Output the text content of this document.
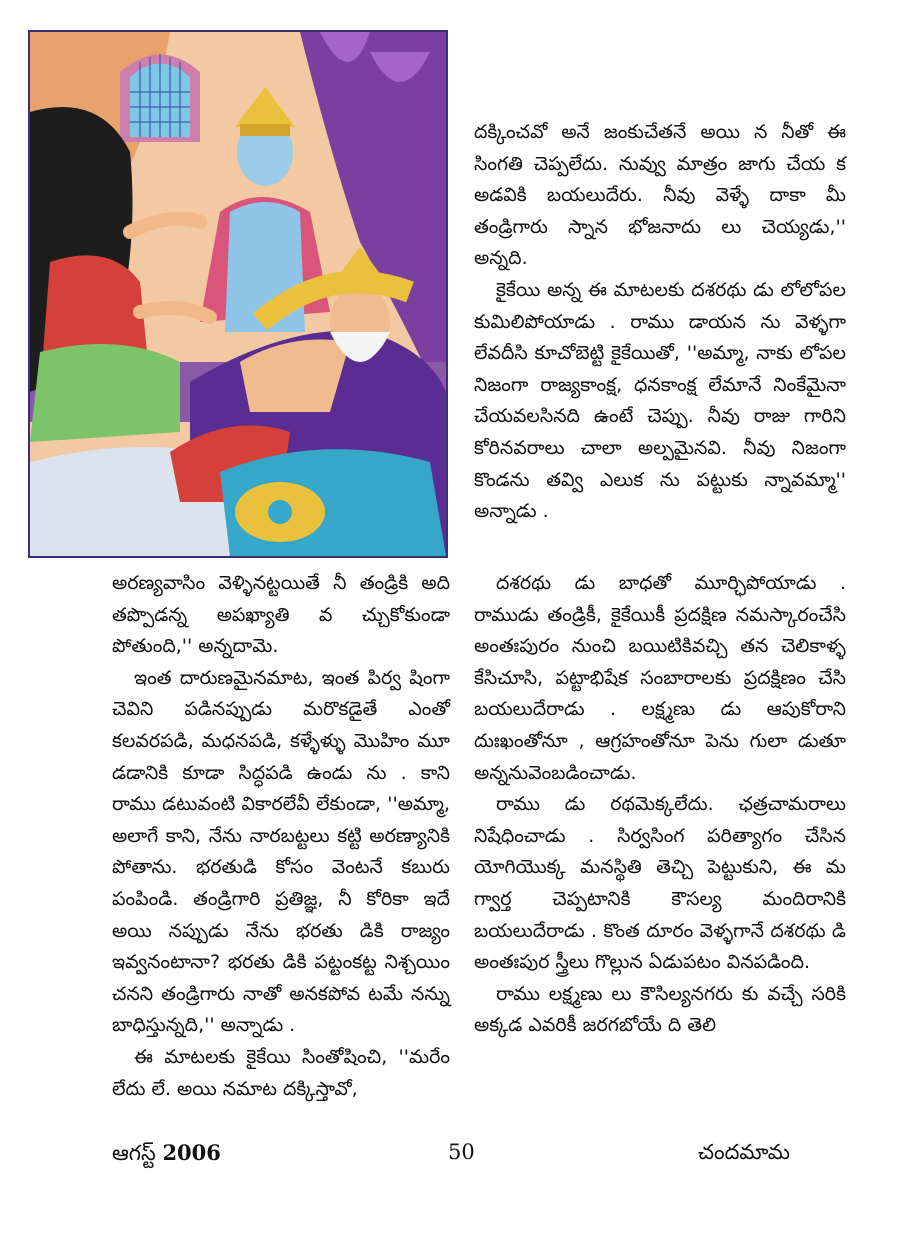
దక్కించవో అనే జంకుచేతనే అయి న నీతో ఈ సింగతి చెప్పలేదు. నువ్వు మాత్రం జాగు చేయ క అడవికి బయలుదేరు. నీవు వెళ్ళే దాకా మీ తండ్రిగారు స్నాన భోజనాదు లు చెయ్యడు,'' అన్నది.

కైకేయి అన్న ఈ మాటలకు దశరథు డు లోలోపల కుమిలిపోయాడు . రాము డాయన ను వెళ్ళగా లేవదీసి కూచోబెట్టి కైకేయితో, ''అమ్మా, నాకు లోపల నిజంగా రాజ్యకాంక్ష, ధనకాంక్ష లేమానే నింకేమైనా చేయవలసినది ఉంటే చెప్పు. నీవు రాజు గారిని కోరినవరాలు చాలా అల్పమైనవి. నీవు నిజంగా కొండను తవ్వి ఎలుక ను పట్టుకు న్నావమ్మా'' అన్నాడు .

అరణ్యవాసిం వెళ్ళినట్టయితే నీ తండ్రికి అది తప్పొడన్న అపఖ్యాతి వ చ్చుకోకుండా పోతుంది,'' అన్నదామె.

ఇంత దారుణమైనమాట, ఇంత పిర్వ షింగా చెవిని పడినప్పుడు మరొకడైతే ఎంతో కలవరపడి, మధనపడి, కళ్ళేళ్ళు మొహిం మూ డడానికి కూడా సిద్ధపడి ఉండు ను . కాని రాము డటువంటి వికారలేవీ లేకుండా, ''అమ్మా, అలాగే కాని, నేను నారబట్టలు కట్టి అరణ్యానికి పోతాను. భరతుడి కోసం వెంటనే కబురు పంపిండి. తండ్రిగారి ప్రతిజ్ఞ, నీ కోరికా ఇదే అయి నప్పుడు నేను భరతు డికి రాజ్యం ఇవ్వనంటానా? భరతు డికి పట్టంకట్ట నిశ్చయిం చనని తండ్రిగారు నాతో అనకపోవ టమే నన్ను బాధిస్తున్నది,'' అన్నాడు .

ఈ మాటలకు కైకేయి సింతోషించి, ''మరేం లేదు లే. అయి నమాట దక్కిస్తావో,

దశరథు డు బాధతో మూర్ఛిపోయాడు . రాముడు తండ్రికీ, కైకేయికీ ప్రదక్షిణ నమస్కారంచేసి అంతఃపురం నుంచి బయిటికివచ్చి తన చెలికాళ్ళ కేసిచూసి, పట్టాభిషేక సంబారాలకు ప్రదక్షిణం చేసి బయలుదేరాడు . లక్ష్మణు డు ఆపుకోరాని దుఃఖంతోనూ , ఆగ్రహంతోనూ పెను గులా డుతూ అన్ననువెంబడించాడు.

రాము డు రథమెక్కలేదు. ఛత్రచామరాలు నిషేధించాడు . సిర్వసింగ పరిత్యాగం చేసిన యోగియొక్క మనస్థితి తెచ్చి పెట్టుకుని, ఈ మ గ్వార్త చెప్పటానికి కౌసల్య మందిరానికి బయలుదేరాడు . కొంత దూరం వెళ్ళగానే దశరథు డి అంతఃపుర స్త్రీలు గొల్లున ఏడుపటం వినపడింది.

రాము లక్ష్మణు లు కౌసిల్యనగరు కు వచ్చే సరికి అక్కడ ఎవరికీ జరగబోయే ది తెలి

ఆగస్ట్ 2006	50	చందమామ
